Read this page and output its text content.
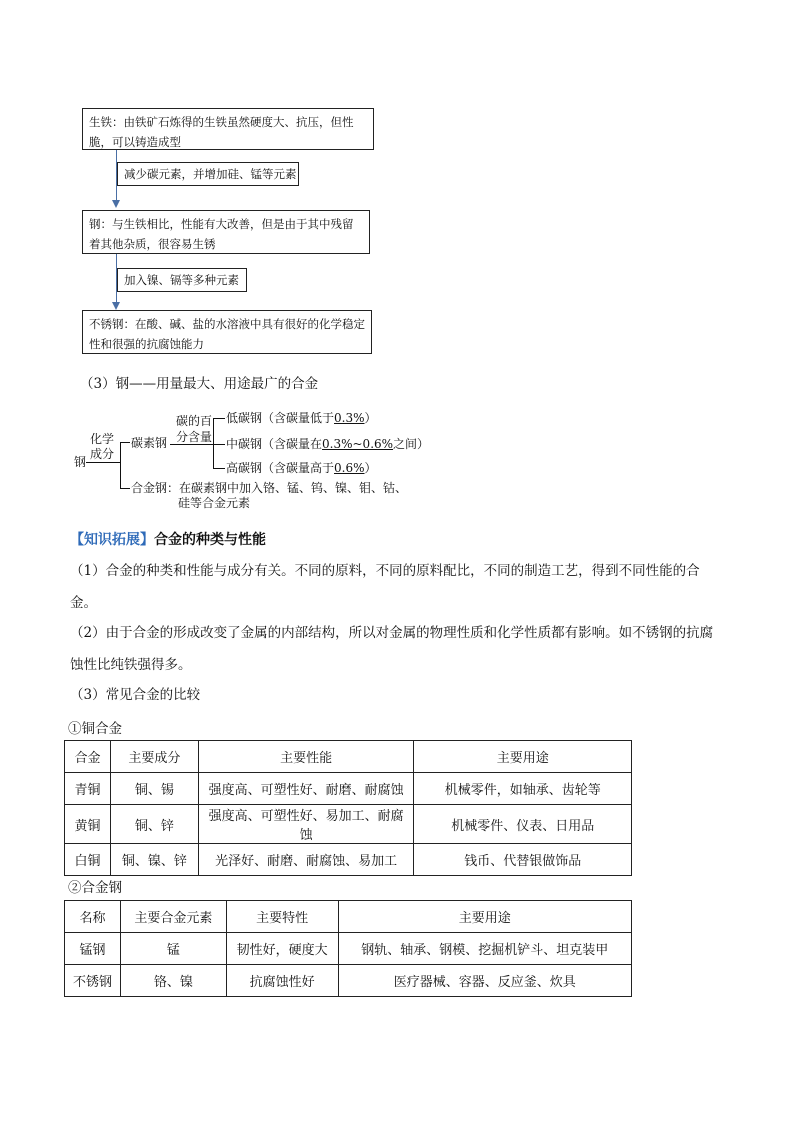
生铁：由铁矿石炼得的生铁虽然硬度大、抗压，但性脆，可以铸造成型
减少碳元素，并增加硅、锰等元素
钢：与生铁相比，性能有大改善，但是由于其中残留着其他杂质，很容易生锈
加入镍、镉等多种元素
不锈钢：在酸、碱、盐的水溶液中具有很好的化学稳定性和很强的抗腐蚀能力
（3）钢——用量最大、用途最广的合金
钢
化学
成分
碳素钢
碳的百
分含量
低碳钢（含碳量低于0.3%）
中碳钢（含碳量在0.3%~0.6%之间）
高碳钢（含碳量高于0.6%）
合金钢：在碳素钢中加入铬、锰、钨、镍、钼、钴、
硅等合金元素
【知识拓展】合金的种类与性能
（1）合金的种类和性能与成分有关。不同的原料，不同的原料配比，不同的制造工艺，得到不同性能的合金。
（2）由于合金的形成改变了金属的内部结构，所以对金属的物理性质和化学性质都有影响。如不锈钢的抗腐蚀性比纯铁强得多。
（3）常见合金的比较
①铜合金
合金	主要成分	主要性能	主要用途
青铜	铜、锡	强度高、可塑性好、耐磨、耐腐蚀	机械零件，如轴承、齿轮等
黄铜	铜、锌	强度高、可塑性好、易加工、耐腐蚀	机械零件、仪表、日用品
白铜	铜、镍、锌	光泽好、耐磨、耐腐蚀、易加工	钱币、代替银做饰品
②合金钢
名称	主要合金元素	主要特性	主要用途
锰钢	锰	韧性好，硬度大	钢轨、轴承、钢模、挖掘机铲斗、坦克装甲
不锈钢	铬、镍	抗腐蚀性好	医疗器械、容器、反应釜、炊具
